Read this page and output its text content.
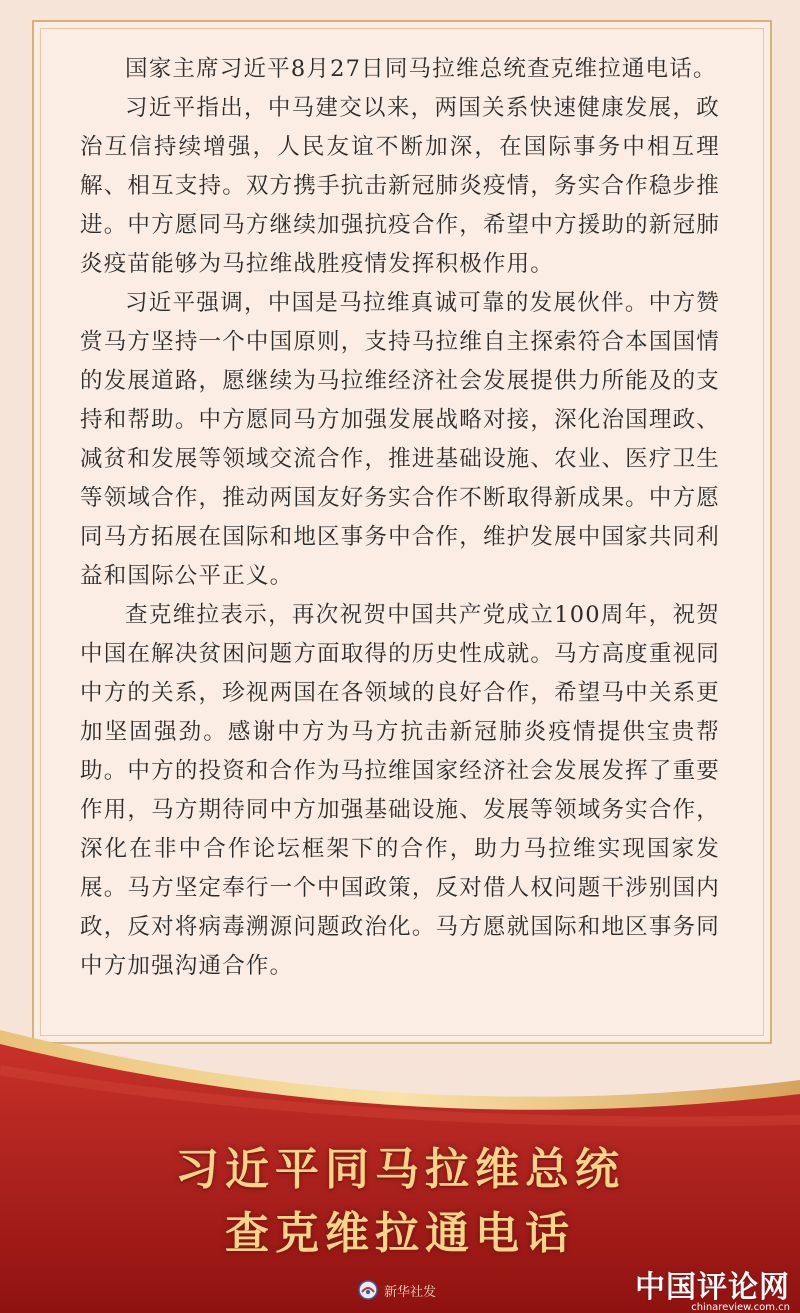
国家主席习近平8月27日同马拉维总统查克维拉通电话。

习近平指出，中马建交以来，两国关系快速健康发展，政治互信持续增强，人民友谊不断加深，在国际事务中相互理解、相互支持。双方携手抗击新冠肺炎疫情，务实合作稳步推进。中方愿同马方继续加强抗疫合作，希望中方援助的新冠肺炎疫苗能够为马拉维战胜疫情发挥积极作用。

习近平强调，中国是马拉维真诚可靠的发展伙伴。中方赞赏马方坚持一个中国原则，支持马拉维自主探索符合本国国情的发展道路，愿继续为马拉维经济社会发展提供力所能及的支持和帮助。中方愿同马方加强发展战略对接，深化治国理政、减贫和发展等领域交流合作，推进基础设施、农业、医疗卫生等领域合作，推动两国友好务实合作不断取得新成果。中方愿同马方拓展在国际和地区事务中合作，维护发展中国家共同利益和国际公平正义。

查克维拉表示，再次祝贺中国共产党成立100周年，祝贺中国在解决贫困问题方面取得的历史性成就。马方高度重视同中方的关系，珍视两国在各领域的良好合作，希望马中关系更加坚固强劲。感谢中方为马方抗击新冠肺炎疫情提供宝贵帮助。中方的投资和合作为马拉维国家经济社会发展发挥了重要作用，马方期待同中方加强基础设施、发展等领域务实合作，深化在非中合作论坛框架下的合作，助力马拉维实现国家发展。马方坚定奉行一个中国政策，反对借人权问题干涉别国内政，反对将病毒溯源问题政治化。马方愿就国际和地区事务同中方加强沟通合作。

习近平同马拉维总统
查克维拉通电话
新华社发	中国评论网
chinareview.com.cn
